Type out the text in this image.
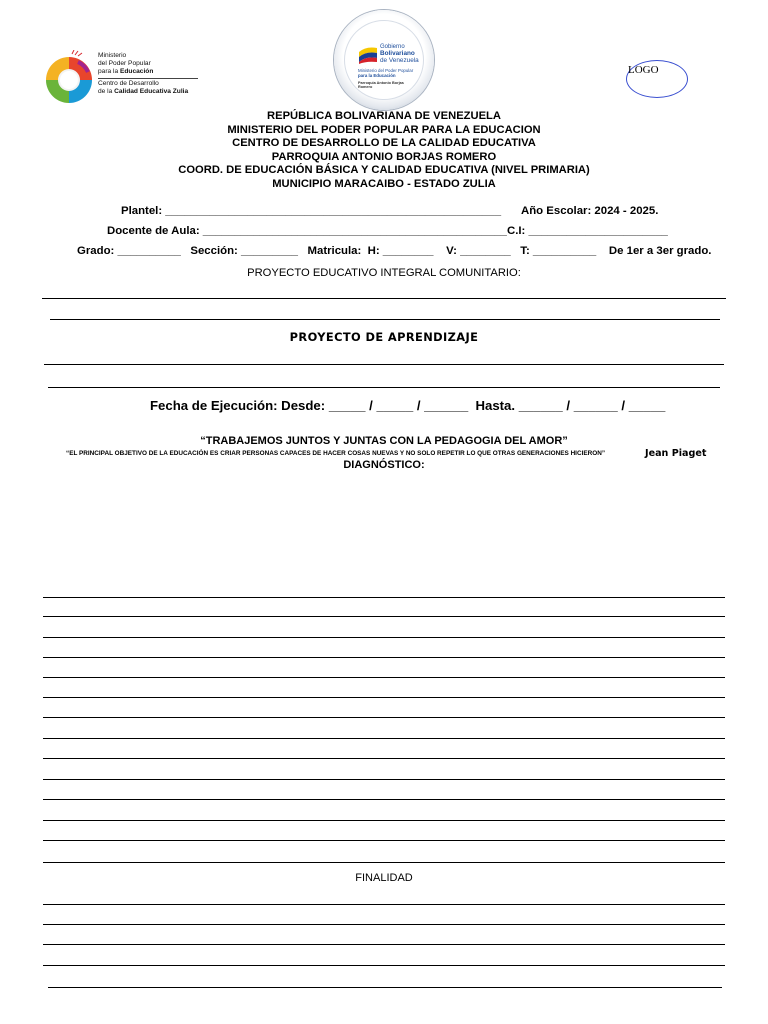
Ministerio
del Poder Popular
para la Educación
Centro de Desarrollo
de la Calidad Educativa Zulia
Gobierno
Bolivariano
de Venezuela
Ministerio del Poder Popular
para la Educación
Parroquia Antonio Borjas Romero
LOGO
REPÚBLICA BOLIVARIANA DE VENEZUELA
MINISTERIO DEL PODER POPULAR PARA LA EDUCACION
CENTRO DE DESARROLLO DE LA CALIDAD EDUCATIVA
PARROQUIA ANTONIO BORJAS ROMERO
COORD. DE EDUCACIÓN BÁSICA Y CALIDAD EDUCATIVA (NIVEL PRIMARIA)
MUNICIPIO MARACAIBO - ESTADO ZULIA
Plantel: _____________________________________________________ Año Escolar: 2024 - 2025.
Docente de Aula: ________________________________________________ C.I: ______________________
Grado: __________   Sección: _________   Matricula:  H: ________    V: ________   T: __________    De 1er a 3er grado.
PROYECTO EDUCATIVO INTEGRAL COMUNITARIO:
PROYECTO DE APRENDIZAJE
Fecha de Ejecución: Desde: _____ / _____ / ______  Hasta. ______ / ______ / _____
“TRABAJEMOS JUNTOS Y JUNTAS CON LA PEDAGOGIA DEL AMOR”
“EL PRINCIPAL OBJETIVO DE LA EDUCACIÓN ES CRIAR PERSONAS CAPACES DE HACER COSAS NUEVAS Y NO SOLO REPETIR LO QUE OTRAS GENERACIONES HICIERON”	Jean Piaget
DIAGNÓSTICO:
FINALIDAD
